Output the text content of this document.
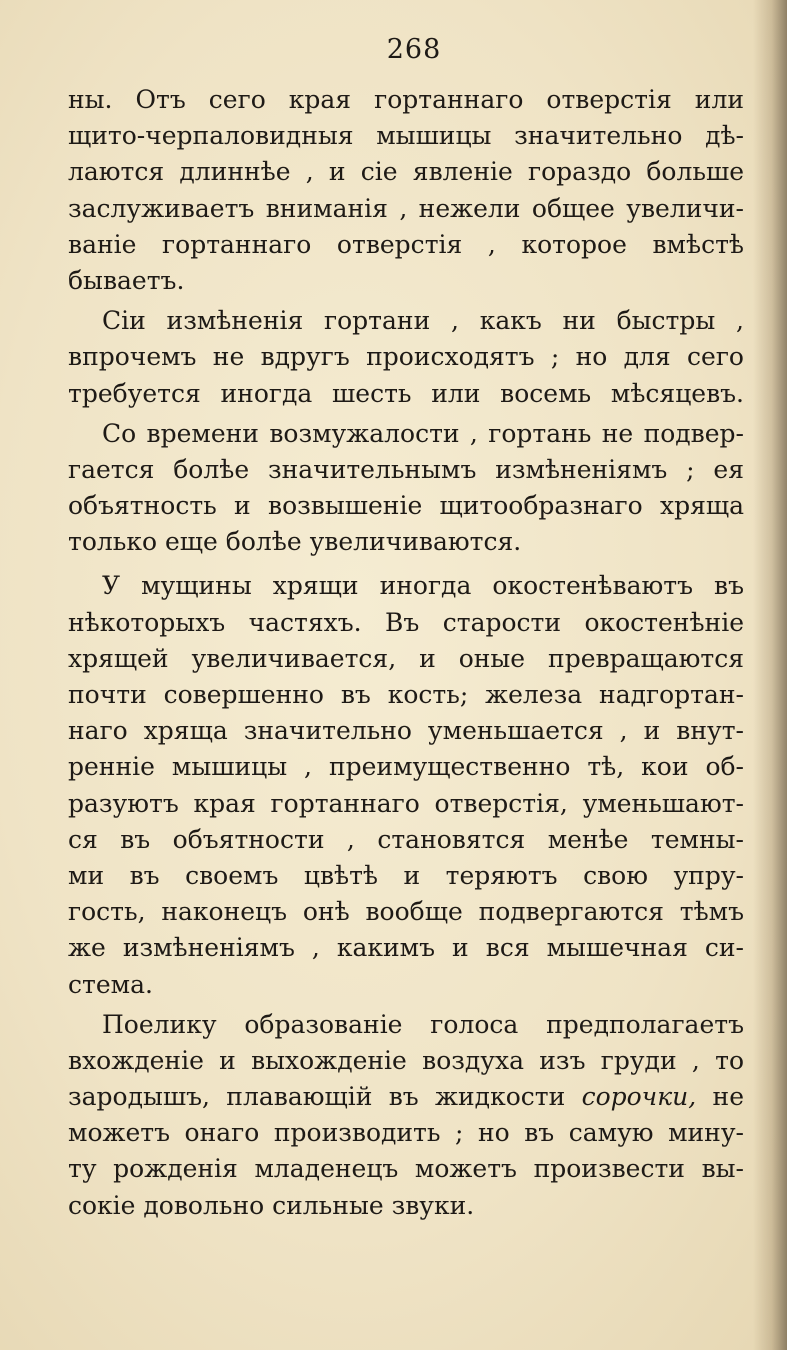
268
ны. Отъ сего края гортаннаго отверстія или
щито-черпаловидныя мышицы значительно дѣ-
лаются длиннѣе , и сіе явленіе гораздо больше
заслуживаетъ вниманія , нежели общее увеличи-
ваніе гортаннаго отверстія , которое вмѣстѣ
бываетъ.
Сіи измѣненія гортани , какъ ни быстры ,
впрочемъ не вдругъ происходятъ ; но для сего
требуется иногда шесть или восемь мѣсяцевъ.
Со времени возмужалости , гортань не подвер-
гается болѣе значительнымъ измѣненіямъ ; ея
объятность и возвышеніе щитообразнаго хряща
только еще болѣе увеличиваются.
У мущины хрящи иногда окостенѣваютъ въ
нѣкоторыхъ частяхъ. Въ старости окостенѣніе
хрящей увеличивается, и оные превращаются
почти совершенно въ кость; железа надгортан-
наго хряща значительно уменьшается , и внут-
ренніе мышицы , преимущественно тѣ, кои об-
разуютъ края гортаннаго отверстія, уменьшают-
ся въ объятности , становятся менѣе темны-
ми въ своемъ цвѣтѣ и теряютъ свою упру-
гость, наконецъ онѣ вообще подвергаются тѣмъ
же измѣненіямъ , какимъ и вся мышечная си-
стема.
Поелику образованіе голоса предполагаетъ
вхожденіе и выхожденіе воздуха изъ груди , то
зародышъ, плавающій въ жидкости сорочки, не
можетъ онаго производить ; но въ самую мину-
ту рожденія младенецъ можетъ произвести вы-
сокіе довольно сильные звуки.
